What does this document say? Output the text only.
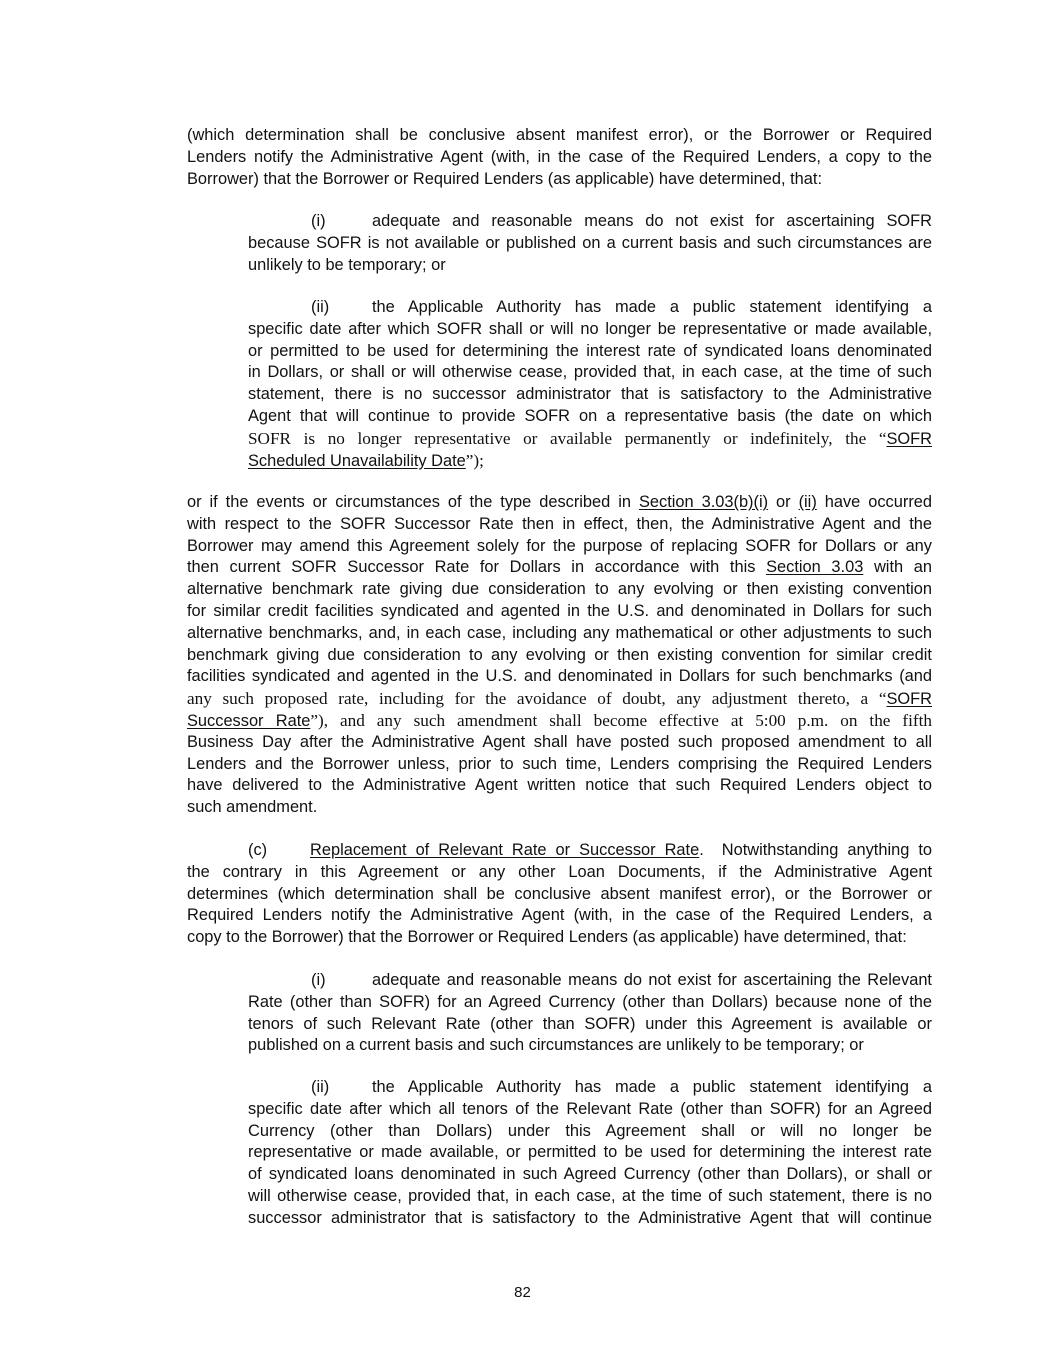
(which determination shall be conclusive absent manifest error), or the Borrower or Required
Lenders notify the Administrative Agent (with, in the case of the Required Lenders, a copy to the
Borrower) that the Borrower or Required Lenders (as applicable) have determined, that:
(i)	adequate and reasonable means do not exist for ascertaining SOFR
because SOFR is not available or published on a current basis and such circumstances are
unlikely to be temporary; or
(ii)	the Applicable Authority has made a public statement identifying a
specific date after which SOFR shall or will no longer be representative or made available,
or permitted to be used for determining the interest rate of syndicated loans denominated
in Dollars, or shall or will otherwise cease, provided that, in each case, at the time of such
statement, there is no successor administrator that is satisfactory to the Administrative
Agent that will continue to provide SOFR on a representative basis (the date on which
SOFR is no longer representative or available permanently or indefinitely, the “SOFR
Scheduled Unavailability Date”);
or if the events or circumstances of the type described in Section 3.03(b)(i) or (ii) have occurred
with respect to the SOFR Successor Rate then in effect, then, the Administrative Agent and the
Borrower may amend this Agreement solely for the purpose of replacing SOFR for Dollars or any
then current SOFR Successor Rate for Dollars in accordance with this Section 3.03 with an
alternative benchmark rate giving due consideration to any evolving or then existing convention
for similar credit facilities syndicated and agented in the U.S. and denominated in Dollars for such
alternative benchmarks, and, in each case, including any mathematical or other adjustments to such
benchmark giving due consideration to any evolving or then existing convention for similar credit
facilities syndicated and agented in the U.S. and denominated in Dollars for such benchmarks (and
any such proposed rate, including for the avoidance of doubt, any adjustment thereto, a “SOFR
Successor Rate”), and any such amendment shall become effective at 5:00 p.m. on the fifth
Business Day after the Administrative Agent shall have posted such proposed amendment to all
Lenders and the Borrower unless, prior to such time, Lenders comprising the Required Lenders
have delivered to the Administrative Agent written notice that such Required Lenders object to
such amendment.
(c)	Replacement of Relevant Rate or Successor Rate.  Notwithstanding anything to
the contrary in this Agreement or any other Loan Documents, if the Administrative Agent
determines (which determination shall be conclusive absent manifest error), or the Borrower or
Required Lenders notify the Administrative Agent (with, in the case of the Required Lenders, a
copy to the Borrower) that the Borrower or Required Lenders (as applicable) have determined, that:
(i)	adequate and reasonable means do not exist for ascertaining the Relevant
Rate (other than SOFR) for an Agreed Currency (other than Dollars) because none of the
tenors of such Relevant Rate (other than SOFR) under this Agreement is available or
published on a current basis and such circumstances are unlikely to be temporary; or
(ii)	the Applicable Authority has made a public statement identifying a
specific date after which all tenors of the Relevant Rate (other than SOFR) for an Agreed
Currency (other than Dollars) under this Agreement shall or will no longer be
representative or made available, or permitted to be used for determining the interest rate
of syndicated loans denominated in such Agreed Currency (other than Dollars), or shall or
will otherwise cease, provided that, in each case, at the time of such statement, there is no
successor administrator that is satisfactory to the Administrative Agent that will continue
82
